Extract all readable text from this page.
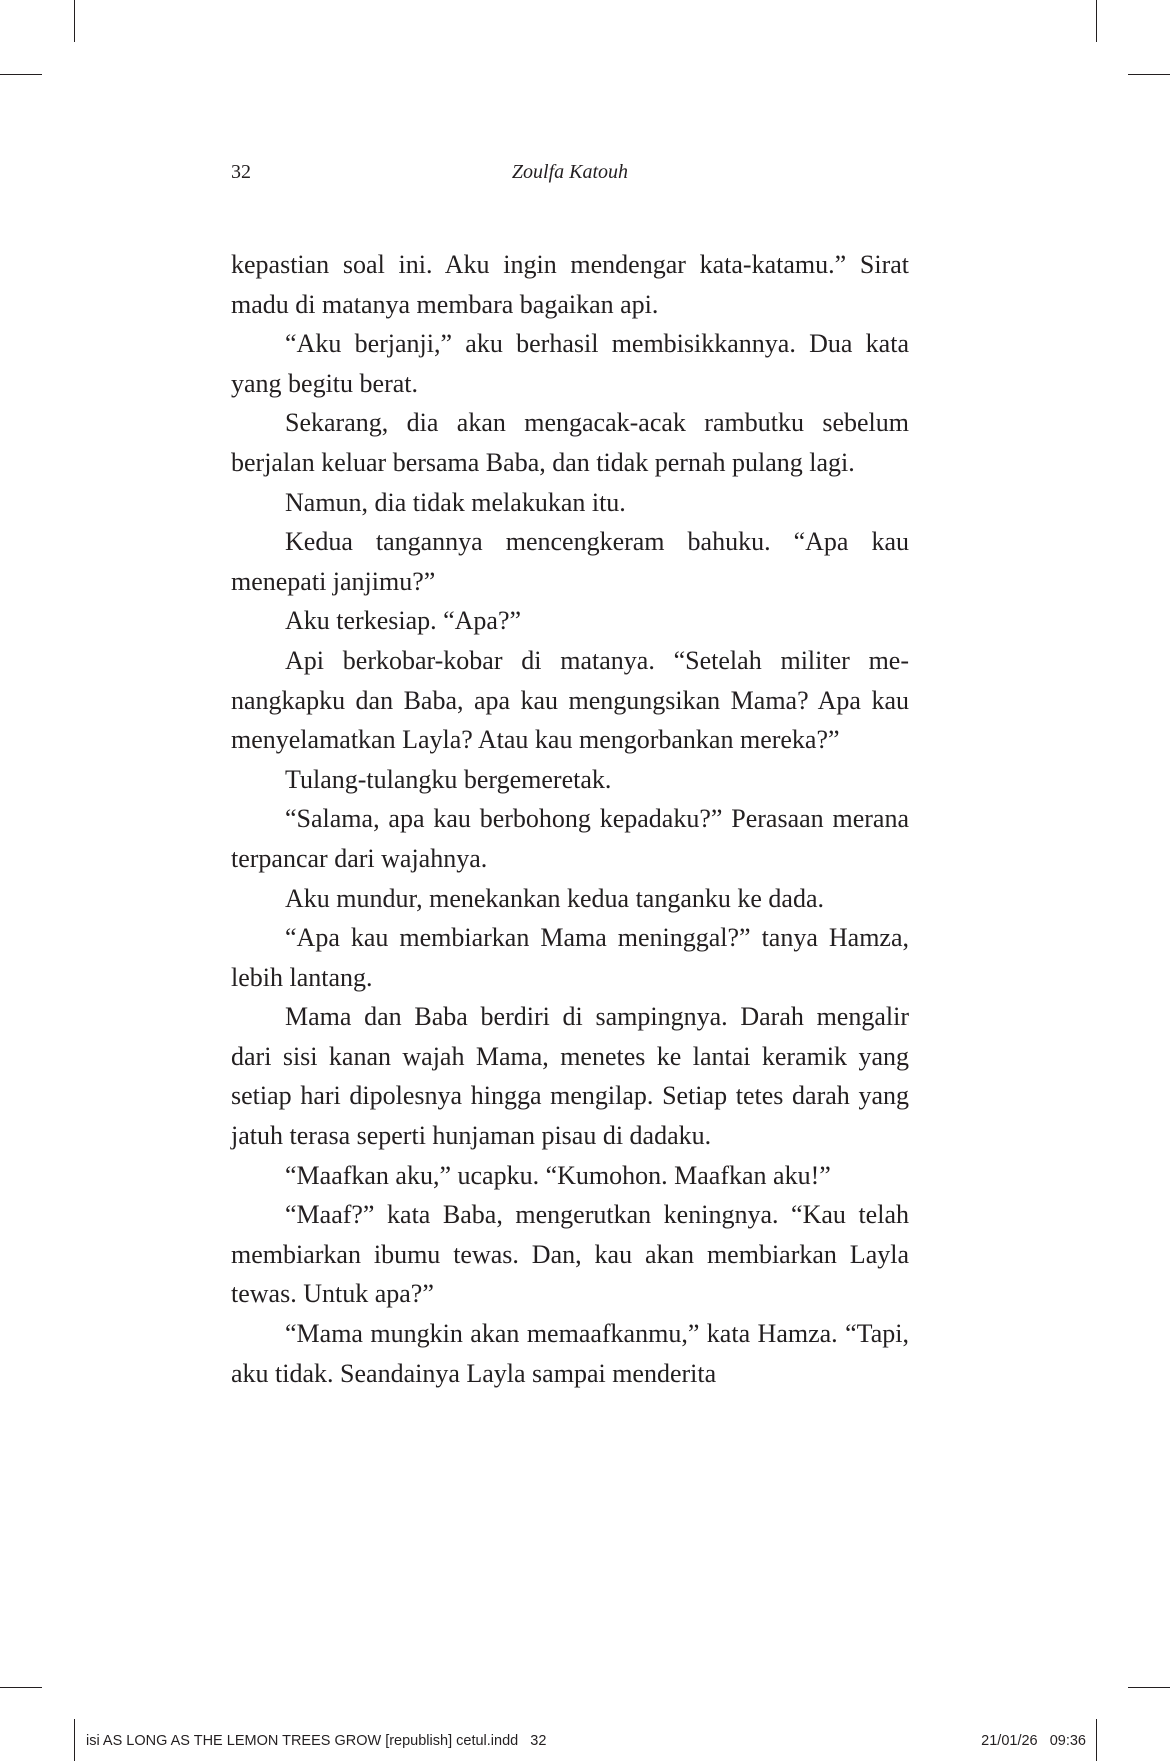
32	Zoulfa Katouh

kepastian soal ini. Aku ingin mendengar kata-katamu.” Sirat madu di matanya membara bagaikan api.

“Aku berjanji,” aku berhasil membisikkannya. Dua kata yang begitu berat.

Sekarang, dia akan mengacak-acak rambutku sebelum berjalan keluar bersama Baba, dan tidak pernah pulang lagi.

Namun, dia tidak melakukan itu.

Kedua tangannya mencengkeram bahuku. “Apa kau menepati janjimu?”

Aku terkesiap. “Apa?”

Api berkobar-kobar di matanya. “Setelah militer menangkapku dan Baba, apa kau mengungsikan Mama? Apa kau menyelamatkan Layla? Atau kau mengorbankan mereka?”

Tulang-tulangku bergemeretak.

“Salama, apa kau berbohong kepadaku?” Perasaan merana terpancar dari wajahnya.

Aku mundur, menekankan kedua tanganku ke dada.

“Apa kau membiarkan Mama meninggal?” tanya Hamza, lebih lantang.

Mama dan Baba berdiri di sampingnya. Darah mengalir dari sisi kanan wajah Mama, menetes ke lantai keramik yang setiap hari dipolesnya hingga mengilap. Setiap tetes darah yang jatuh terasa seperti hunjaman pisau di dadaku.

“Maafkan aku,” ucapku. “Kumohon. Maafkan aku!”

“Maaf?” kata Baba, mengerutkan keningnya. “Kau telah membiarkan ibumu tewas. Dan, kau akan membiarkan Layla tewas. Untuk apa?”

“Mama mungkin akan memaafkanmu,” kata Hamza. “Tapi, aku tidak. Seandainya Layla sampai menderita

isi AS LONG AS THE LEMON TREES GROW [republish] cetul.indd   32	21/01/26   09:36
